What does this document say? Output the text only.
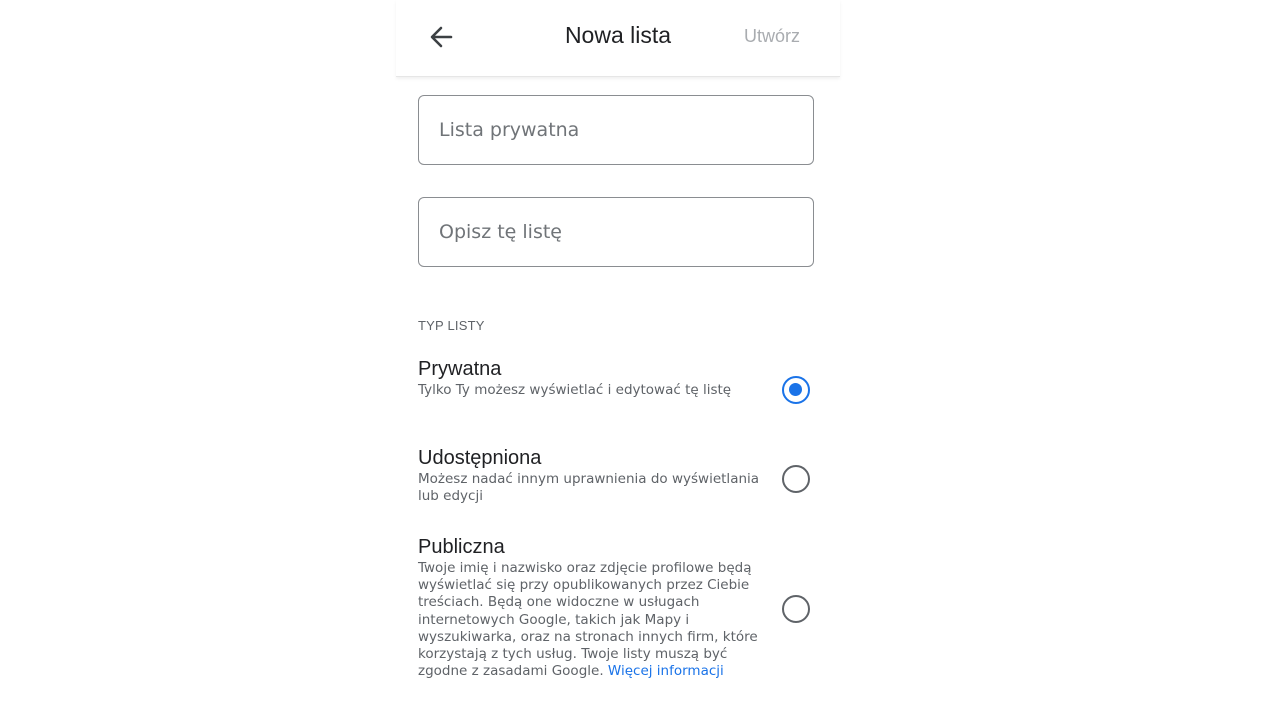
Nowa lista	Utwórz
Lista prywatna
Opisz tę listę
TYP LISTY
Prywatna
Tylko Ty możesz wyświetlać i edytować tę listę
Udostępniona
Możesz nadać innym uprawnienia do wyświetlania lub edycji
Publiczna
Twoje imię i nazwisko oraz zdjęcie profilowe będą wyświetlać się przy opublikowanych przez Ciebie treściach. Będą one widoczne w usługach internetowych Google, takich jak Mapy i wyszukiwarka, oraz na stronach innych firm, które korzystają z tych usług. Twoje listy muszą być zgodne z zasadami Google. Więcej informacji
